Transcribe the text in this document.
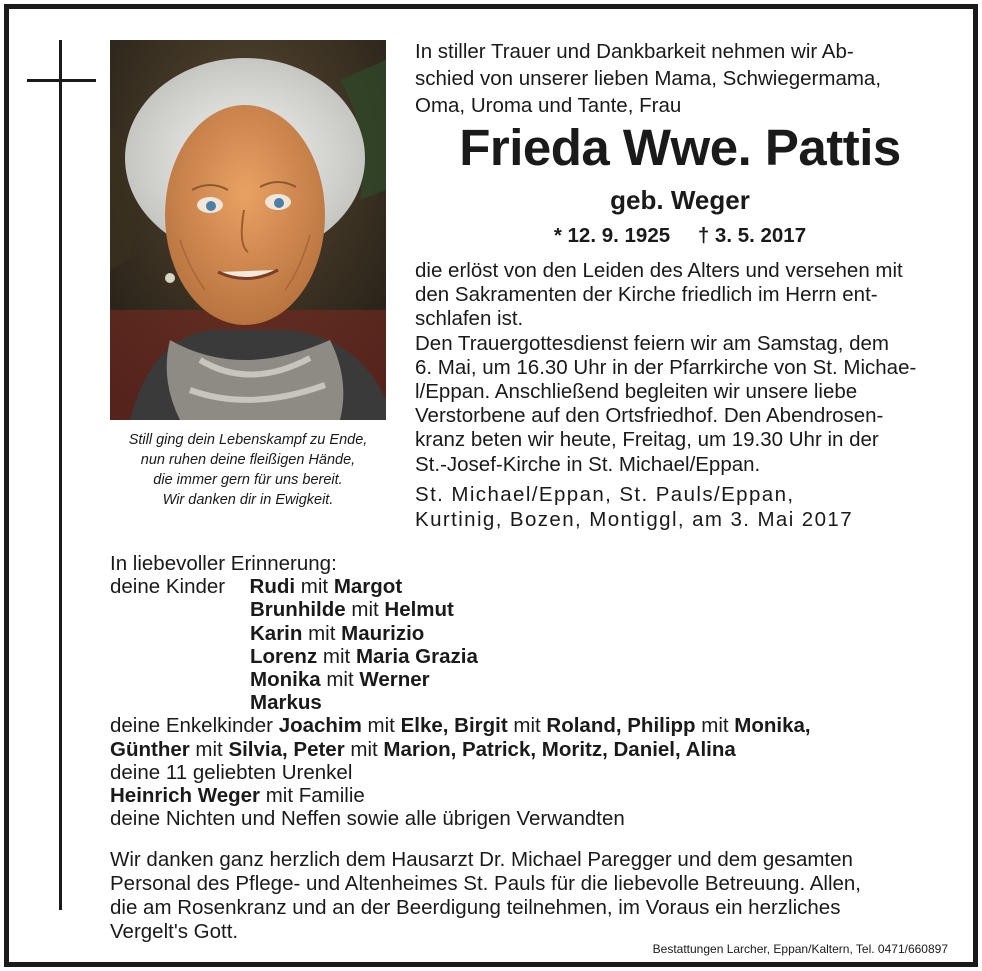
Still ging dein Lebenskampf zu Ende,
nun ruhen deine fleißigen Hände,
die immer gern für uns bereit.
Wir danken dir in Ewigkeit.
In stiller Trauer und Dankbarkeit nehmen wir Ab-
schied von unserer lieben Mama, Schwiegermama,
Oma, Uroma und Tante, Frau
Frieda Wwe. Pattis
geb. Weger
* 12. 9. 1925 † 3. 5. 2017

die erlöst von den Leiden des Alters und versehen mit

den Sakramenten der Kirche friedlich im Herrn ent-

schlafen ist.

Den Trauergottesdienst feiern wir am Samstag, dem

6. Mai, um 16.30 Uhr in der Pfarrkirche von St. Michae-

l/Eppan. Anschließend begleiten wir unsere liebe

Verstorbene auf den Ortsfriedhof. Den Abendrosen-

kranz beten wir heute, Freitag, um 19.30 Uhr in der

St.-Josef-Kirche in St. Michael/Eppan.

St. Michael/Eppan, St. Pauls/Eppan,

Kurtinig, Bozen, Montiggl, am 3. Mai 2017

In liebevoller Erinnerung:
deine Kinder Rudi mit Margot
Brunhilde mit Helmut
Karin mit Maurizio
Lorenz mit Maria Grazia
Monika mit Werner
Markus
deine Enkelkinder Joachim mit Elke, Birgit mit Roland, Philipp mit Monika,
Günther mit Silvia, Peter mit Marion, Patrick, Moritz, Daniel, Alina
deine 11 geliebten Urenkel
Heinrich Weger mit Familie
deine Nichten und Neffen sowie alle übrigen Verwandten

Wir danken ganz herzlich dem Hausarzt Dr. Michael Paregger und dem gesamten

Personal des Pflege- und Altenheimes St. Pauls für die liebevolle Betreuung. Allen,

die am Rosenkranz und an der Beerdigung teilnehmen, im Voraus ein herzliches

Vergelt's Gott.

Bestattungen Larcher, Eppan/Kaltern, Tel. 0471/660897
